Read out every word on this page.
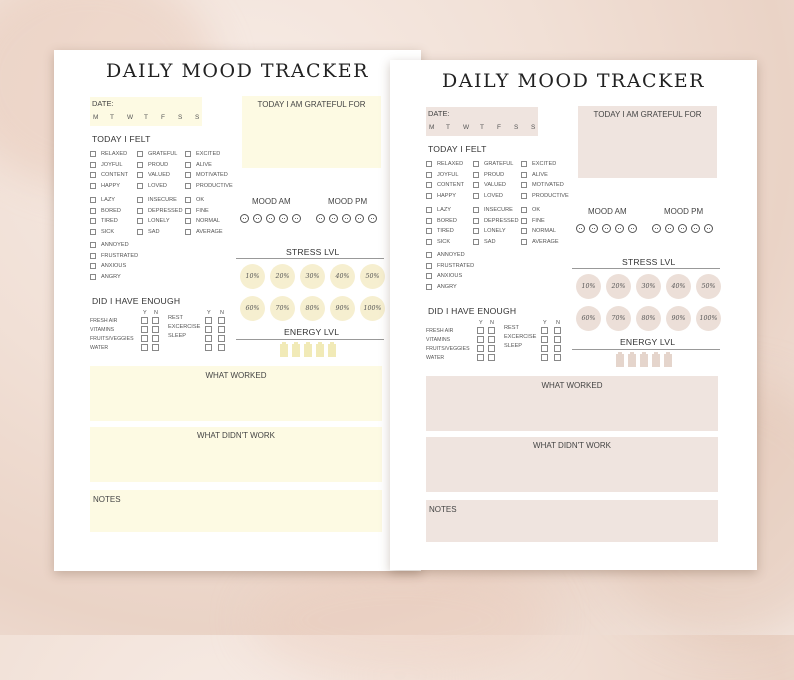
DAILY MOOD TRACKER
DATE:
M	T	W	T	F	S	S
TODAY I AM GRATEFUL FOR
TODAY I FELT
RELAXED
JOYFUL
CONTENT
HAPPY
GRATEFUL
PROUD
VALUED
LOVED
EXCITED
ALIVE
MOTIVATED
PRODUCTIVE
LAZY
BORED
TIRED
SICK
INSECURE
DEPRESSED
LONELY
SAD
OK
FINE
NORMAL
AVERAGE
ANNOYED
FRUSTRATED
ANXIOUS
ANGRY
MOOD AM	MOOD PM
STRESS LVL
10%	20%	30%	40%	50%
60%	70%	80%	90%	100%
DID I HAVE ENOUGH
Y N	Y N
FRESH AIR
VITAMINS
FRUITS/VEGGIES
WATER
REST
EXCERCISE
SLEEP	ENERGY LVL
WHAT WORKED
WHAT DIDN'T WORK
NOTES
DAILY MOOD TRACKER
DATE:
M	T	W	T	F	S	S
TODAY I AM GRATEFUL FOR
TODAY I FELT
RELAXED
JOYFUL
CONTENT
HAPPY
GRATEFUL
PROUD
VALUED
LOVED
EXCITED
ALIVE
MOTIVATED
PRODUCTIVE
LAZY
BORED
TIRED
SICK
INSECURE
DEPRESSED
LONELY
SAD
OK
FINE
NORMAL
AVERAGE
ANNOYED
FRUSTRATED
ANXIOUS
ANGRY
MOOD AM	MOOD PM
STRESS LVL
10%	20%	30%	40%	50%
60%	70%	80%	90%	100%
DID I HAVE ENOUGH
Y N	Y N
FRESH AIR
VITAMINS
FRUITS/VEGGIES
WATER
REST
EXCERCISE
SLEEP	ENERGY LVL
WHAT WORKED
WHAT DIDN'T WORK
NOTES
